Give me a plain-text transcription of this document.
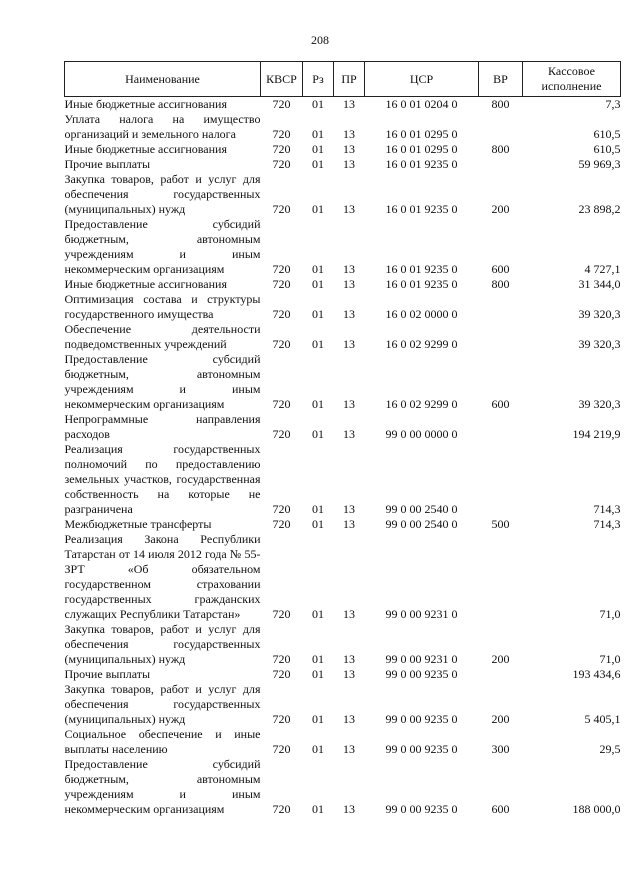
208
Наименование	КВСР	Рз	ПР	ЦСР	ВР	Кассовое исполнение
Иные бюджетные ассигнования	720	01	13	16 0 01 0204 0	800	7,3
Уплата налога на имущество организаций и земельного налога	720	01	13	16 0 01 0295 0		610,5
Иные бюджетные ассигнования	720	01	13	16 0 01 0295 0	800	610,5
Прочие выплаты	720	01	13	16 0 01 9235 0		59 969,3
Закупка товаров, работ и услуг для обеспечения государственных (муниципальных) нужд	720	01	13	16 0 01 9235 0	200	23 898,2
Предоставление субсидий бюджетным, автономным учреждениям и иным некоммерческим организациям	720	01	13	16 0 01 9235 0	600	4 727,1
Иные бюджетные ассигнования	720	01	13	16 0 01 9235 0	800	31 344,0
Оптимизация состава и структуры государственного имущества	720	01	13	16 0 02 0000 0		39 320,3
Обеспечение деятельности подведомственных учреждений	720	01	13	16 0 02 9299 0		39 320,3
Предоставление субсидий бюджетным, автономным учреждениям и иным некоммерческим организациям	720	01	13	16 0 02 9299 0	600	39 320,3
Непрограммные направления расходов	720	01	13	99 0 00 0000 0		194 219,9
Реализация государственных полномочий по предоставлению земельных участков, государственная собственность на которые не разграничена	720	01	13	99 0 00 2540 0		714,3
Межбюджетные трансферты	720	01	13	99 0 00 2540 0	500	714,3
Реализация Закона Республики Татарстан от 14 июля 2012 года № 55-ЗРТ «Об обязательном государственном страховании государственных гражданских служащих Республики Татарстан»	720	01	13	99 0 00 9231 0		71,0
Закупка товаров, работ и услуг для обеспечения государственных (муниципальных) нужд	720	01	13	99 0 00 9231 0	200	71,0
Прочие выплаты	720	01	13	99 0 00 9235 0		193 434,6
Закупка товаров, работ и услуг для обеспечения государственных (муниципальных) нужд	720	01	13	99 0 00 9235 0	200	5 405,1
Социальное обеспечение и иные выплаты населению	720	01	13	99 0 00 9235 0	300	29,5
Предоставление субсидий бюджетным, автономным учреждениям и иным некоммерческим организациям	720	01	13	99 0 00 9235 0	600	188 000,0
